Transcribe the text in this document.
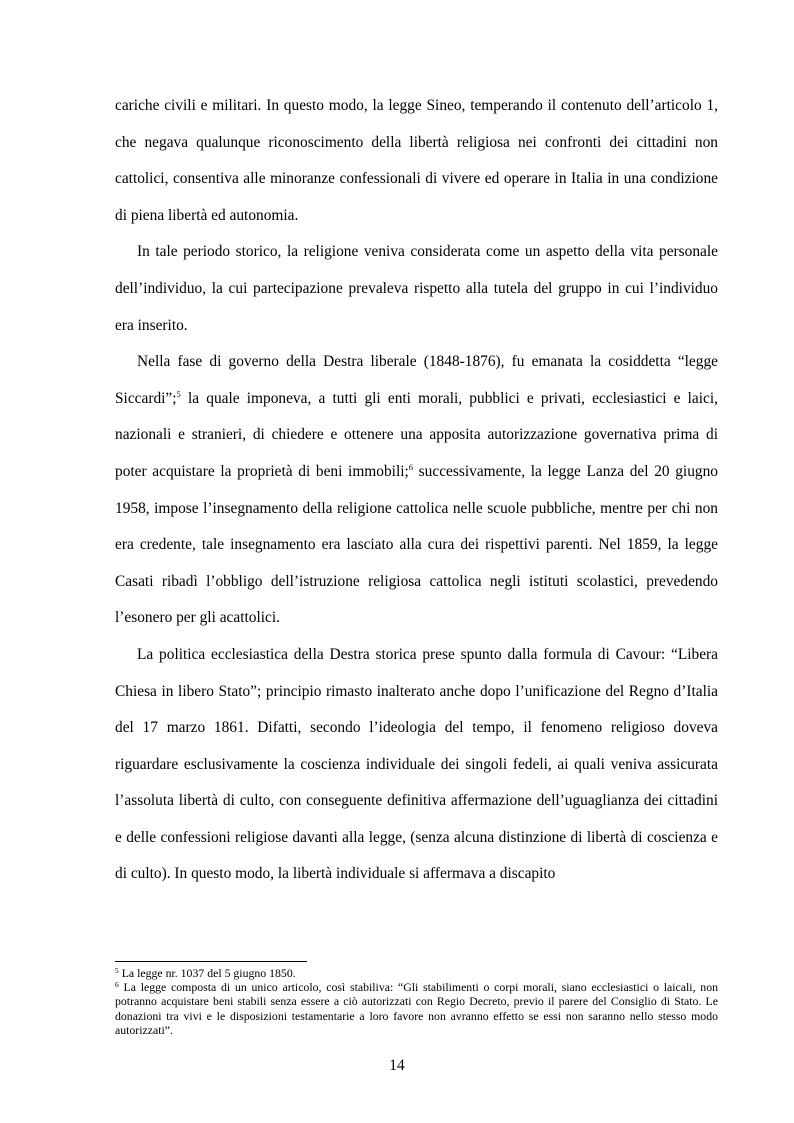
cariche civili e militari. In questo modo, la legge Sineo, temperando il contenuto dell’articolo 1, che negava qualunque riconoscimento della libertà religiosa nei confronti dei cittadini non cattolici, consentiva alle minoranze confessionali di vivere ed operare in Italia in una condizione di piena libertà ed autonomia.

In tale periodo storico, la religione veniva considerata come un aspetto della vita personale dell’individuo, la cui partecipazione prevaleva rispetto alla tutela del gruppo in cui l’individuo era inserito.

Nella fase di governo della Destra liberale (1848-1876), fu emanata la cosiddetta “legge Siccardi”;$^5$ la quale imponeva, a tutti gli enti morali, pubblici e privati, ecclesiastici e laici, nazionali e stranieri, di chiedere e ottenere una apposita autorizzazione governativa prima di poter acquistare la proprietà di beni immobili;$^6$ successivamente, la legge Lanza del 20 giugno 1958, impose l’insegnamento della religione cattolica nelle scuole pubbliche, mentre per chi non era credente, tale insegnamento era lasciato alla cura dei rispettivi parenti. Nel 1859, la legge Casati ribadì l’obbligo dell’istruzione religiosa cattolica negli istituti scolastici, prevedendo l’esonero per gli acattolici.

La politica ecclesiastica della Destra storica prese spunto dalla formula di Cavour: “Libera Chiesa in libero Stato”; principio rimasto inalterato anche dopo l’unificazione del Regno d’Italia del 17 marzo 1861. Difatti, secondo l’ideologia del tempo, il fenomeno religioso doveva riguardare esclusivamente la coscienza individuale dei singoli fedeli, ai quali veniva assicurata l’assoluta libertà di culto, con conseguente definitiva affermazione dell’uguaglianza dei cittadini e delle confessioni religiose davanti alla legge, (senza alcuna distinzione di libertà di coscienza e di culto). In questo modo, la libertà individuale si affermava a discapito

$^5$ La legge nr. 1037 del 5 giugno 1850.

$^6$ La legge composta di un unico articolo, così stabiliva: “Gli stabilimenti o corpi morali, siano ecclesiastici o laicali, non potranno acquistare beni stabili senza essere a ciò autorizzati con Regio Decreto, previo il parere del Consiglio di Stato. Le donazioni tra vivi e le disposizioni testamentarie a loro favore non avranno effetto se essi non saranno nello stesso modo autorizzati”.

14
